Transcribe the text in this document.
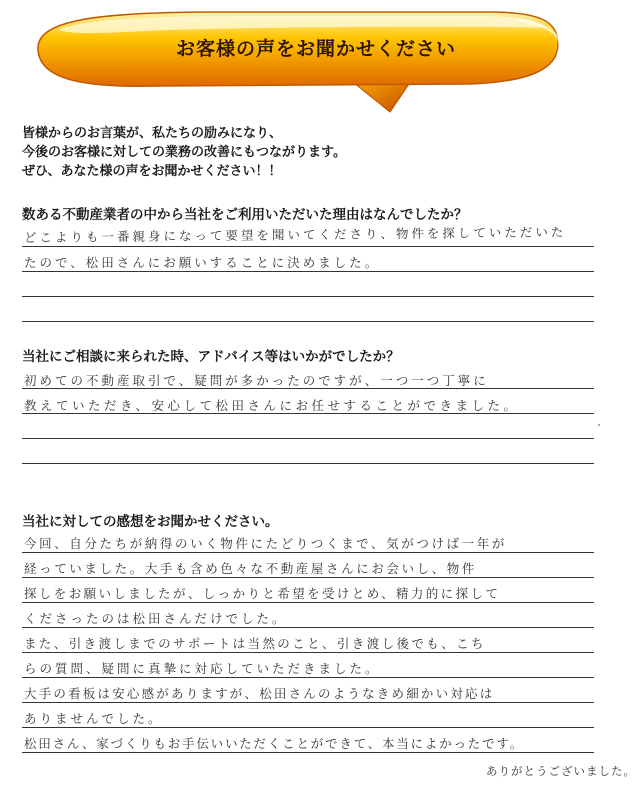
お客様の声をお聞かせください
皆様からのお言葉が、私たちの励みになり、
今後のお客様に対しての業務の改善にもつながります。
ぜひ、あなた様の声をお聞かせください！！
数ある不動産業者の中から当社をご利用いただいた理由はなんでしたか？
どこよりも一番親身になって要望を聞いてくださり、物件を探していただいた
たので、松田さんにお願いすることに決めました。
当社にご相談に来られた時、アドバイス等はいかがでしたか？
初めての不動産取引で、疑問が多かったのですが、一つ一つ丁寧に
教えていただき、安心して松田さんにお任せすることができました。
当社に対しての感想をお聞かせください。
今回、自分たちが納得のいく物件にたどりつくまで、気がつけば一年が
経っていました。大手も含め色々な不動産屋さんにお会いし、物件
探しをお願いしましたが、しっかりと希望を受けとめ、精力的に探して
くださったのは松田さんだけでした。
また、引き渡しまでのサポートは当然のこと、引き渡し後でも、こち
らの質問、疑問に真摯に対応していただきました。
大手の看板は安心感がありますが、松田さんのようなきめ細かい対応は
ありませんでした。
松田さん、家づくりもお手伝いいただくことができて、本当によかったです。
ありがとうございました。
